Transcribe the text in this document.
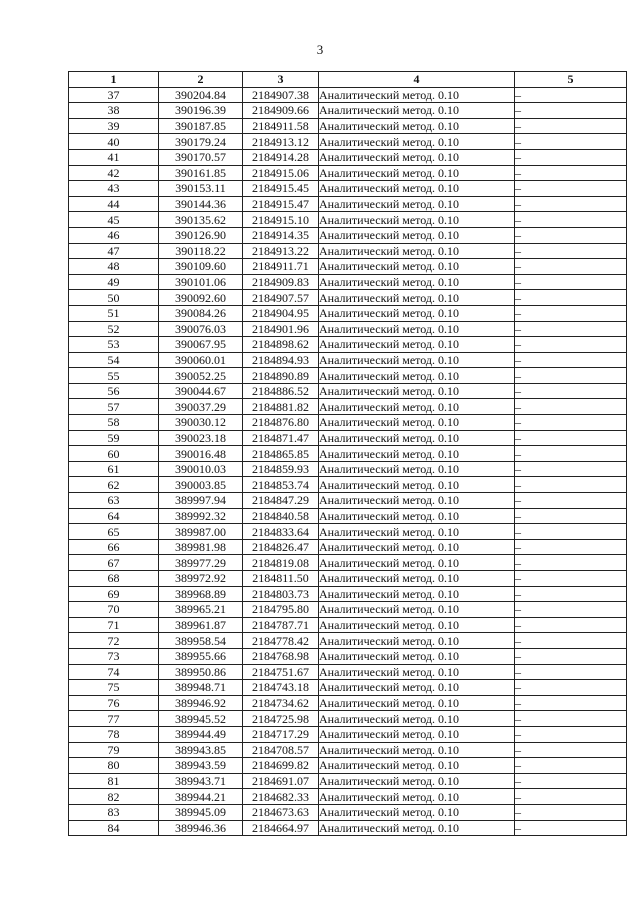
3
1	2	3	4	5
37	390204.84	2184907.38	Аналитический метод. 0.10	–
38	390196.39	2184909.66	Аналитический метод. 0.10	–
39	390187.85	2184911.58	Аналитический метод. 0.10	–
40	390179.24	2184913.12	Аналитический метод. 0.10	–
41	390170.57	2184914.28	Аналитический метод. 0.10	–
42	390161.85	2184915.06	Аналитический метод. 0.10	–
43	390153.11	2184915.45	Аналитический метод. 0.10	–
44	390144.36	2184915.47	Аналитический метод. 0.10	–
45	390135.62	2184915.10	Аналитический метод. 0.10	–
46	390126.90	2184914.35	Аналитический метод. 0.10	–
47	390118.22	2184913.22	Аналитический метод. 0.10	–
48	390109.60	2184911.71	Аналитический метод. 0.10	–
49	390101.06	2184909.83	Аналитический метод. 0.10	–
50	390092.60	2184907.57	Аналитический метод. 0.10	–
51	390084.26	2184904.95	Аналитический метод. 0.10	–
52	390076.03	2184901.96	Аналитический метод. 0.10	–
53	390067.95	2184898.62	Аналитический метод. 0.10	–
54	390060.01	2184894.93	Аналитический метод. 0.10	–
55	390052.25	2184890.89	Аналитический метод. 0.10	–
56	390044.67	2184886.52	Аналитический метод. 0.10	–
57	390037.29	2184881.82	Аналитический метод. 0.10	–
58	390030.12	2184876.80	Аналитический метод. 0.10	–
59	390023.18	2184871.47	Аналитический метод. 0.10	–
60	390016.48	2184865.85	Аналитический метод. 0.10	–
61	390010.03	2184859.93	Аналитический метод. 0.10	–
62	390003.85	2184853.74	Аналитический метод. 0.10	–
63	389997.94	2184847.29	Аналитический метод. 0.10	–
64	389992.32	2184840.58	Аналитический метод. 0.10	–
65	389987.00	2184833.64	Аналитический метод. 0.10	–
66	389981.98	2184826.47	Аналитический метод. 0.10	–
67	389977.29	2184819.08	Аналитический метод. 0.10	–
68	389972.92	2184811.50	Аналитический метод. 0.10	–
69	389968.89	2184803.73	Аналитический метод. 0.10	–
70	389965.21	2184795.80	Аналитический метод. 0.10	–
71	389961.87	2184787.71	Аналитический метод. 0.10	–
72	389958.54	2184778.42	Аналитический метод. 0.10	–
73	389955.66	2184768.98	Аналитический метод. 0.10	–
74	389950.86	2184751.67	Аналитический метод. 0.10	–
75	389948.71	2184743.18	Аналитический метод. 0.10	–
76	389946.92	2184734.62	Аналитический метод. 0.10	–
77	389945.52	2184725.98	Аналитический метод. 0.10	–
78	389944.49	2184717.29	Аналитический метод. 0.10	–
79	389943.85	2184708.57	Аналитический метод. 0.10	–
80	389943.59	2184699.82	Аналитический метод. 0.10	–
81	389943.71	2184691.07	Аналитический метод. 0.10	–
82	389944.21	2184682.33	Аналитический метод. 0.10	–
83	389945.09	2184673.63	Аналитический метод. 0.10	–
84	389946.36	2184664.97	Аналитический метод. 0.10	–
